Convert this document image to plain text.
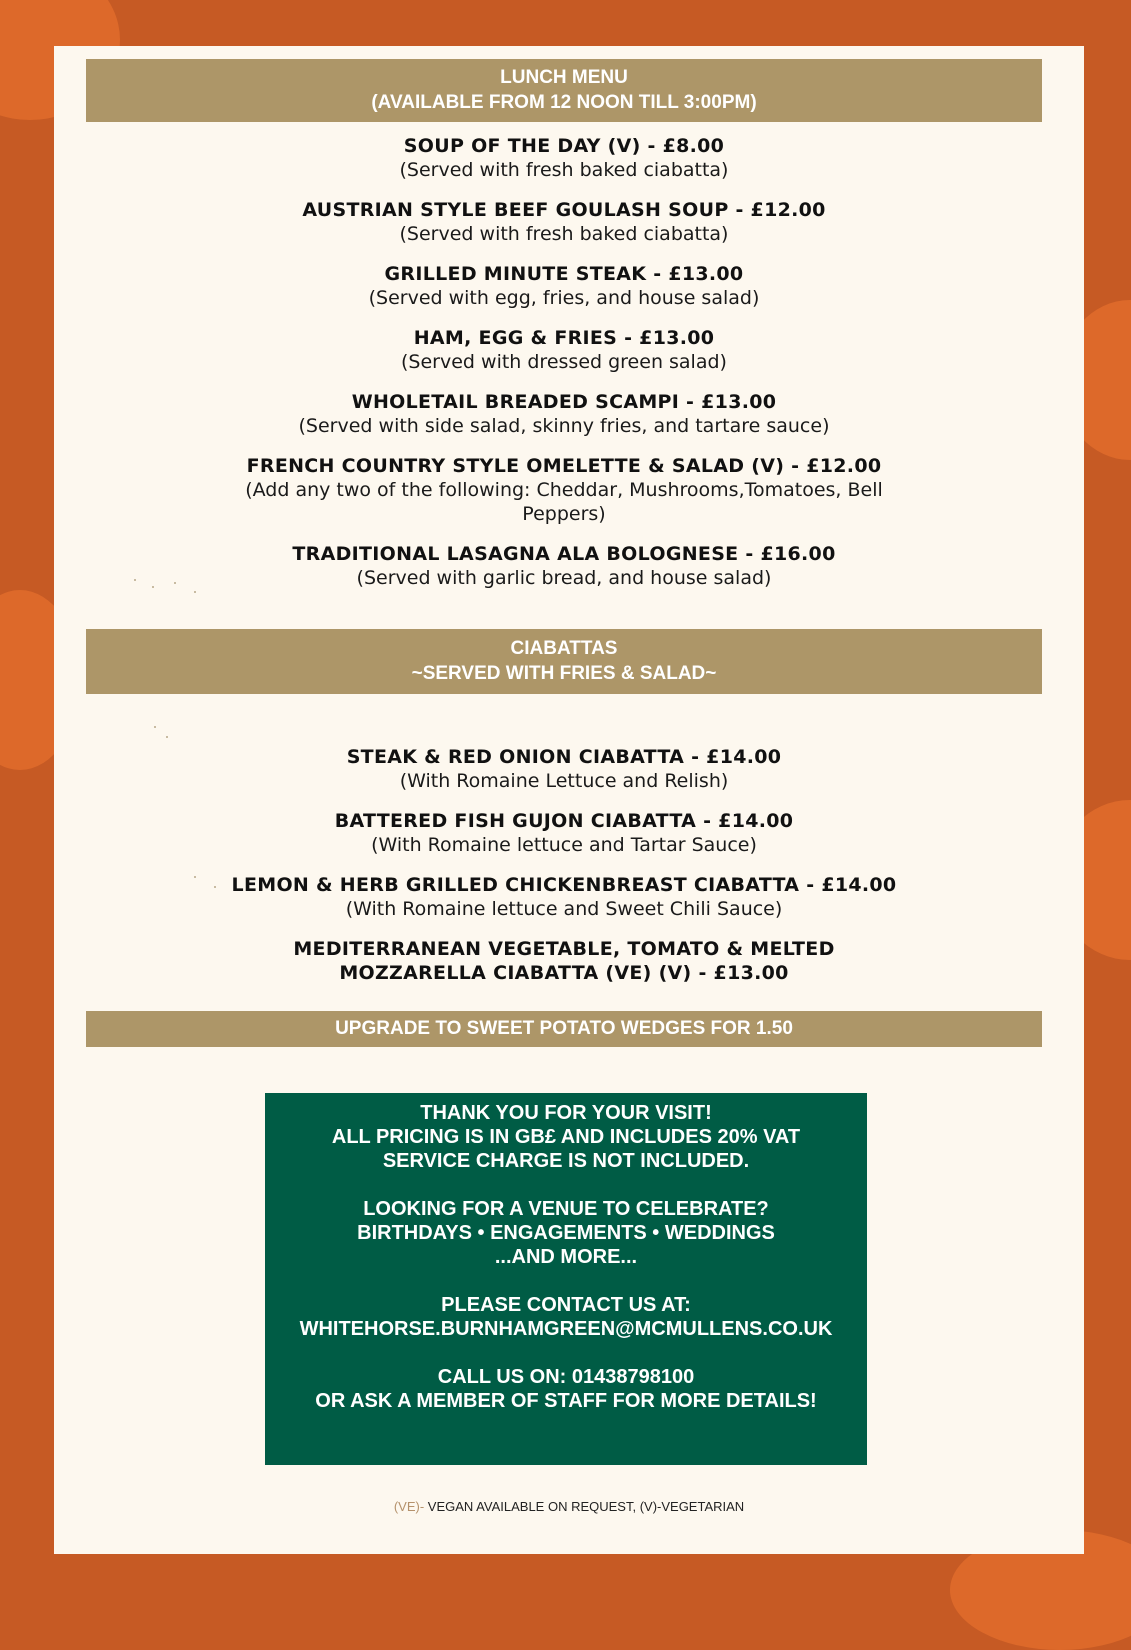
LUNCH MENU
(AVAILABLE FROM 12 NOON TILL 3:00PM)
SOUP OF THE DAY (V) - £8.00
(Served with fresh baked ciabatta)
AUSTRIAN STYLE BEEF GOULASH SOUP - £12.00
(Served with fresh baked ciabatta)
GRILLED MINUTE STEAK - £13.00
(Served with egg, fries, and house salad)
HAM, EGG & FRIES - £13.00
(Served with dressed green salad)
WHOLETAIL BREADED SCAMPI - £13.00
(Served with side salad, skinny fries, and tartare sauce)
FRENCH COUNTRY STYLE OMELETTE & SALAD (V) - £12.00
(Add any two of the following: Cheddar, Mushrooms,Tomatoes, Bell
Peppers)
TRADITIONAL LASAGNA ALA BOLOGNESE - £16.00
(Served with garlic bread, and house salad)
CIABATTAS
~SERVED WITH FRIES & SALAD~
STEAK & RED ONION CIABATTA - £14.00
(With Romaine Lettuce and Relish)
BATTERED FISH GUJON CIABATTA - £14.00
(With Romaine lettuce and Tartar Sauce)
LEMON & HERB GRILLED CHICKENBREAST CIABATTA - £14.00
(With Romaine lettuce and Sweet Chili Sauce)
MEDITERRANEAN VEGETABLE, TOMATO & MELTED
MOZZARELLA CIABATTA (VE) (V) - £13.00
UPGRADE TO SWEET POTATO WEDGES FOR 1.50
THANK YOU FOR YOUR VISIT!
ALL PRICING IS IN GB£ AND INCLUDES 20% VAT
SERVICE CHARGE IS NOT INCLUDED.
LOOKING FOR A VENUE TO CELEBRATE?
BIRTHDAYS • ENGAGEMENTS • WEDDINGS
...AND MORE...
PLEASE CONTACT US AT:
WHITEHORSE.BURNHAMGREEN@MCMULLENS.CO.UK
CALL US ON: 01438798100
OR ASK A MEMBER OF STAFF FOR MORE DETAILS!
(VE)- VEGAN AVAILABLE ON REQUEST, (V)-VEGETARIAN
